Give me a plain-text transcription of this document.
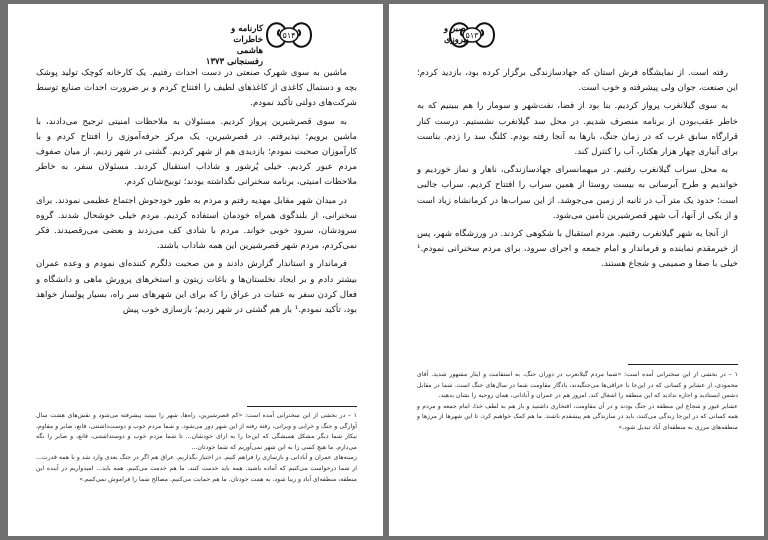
کارنامه و خاطرات
هاشمی رفسنجانی ۱۳۷۳
۵۱۴

ماشین به سوی شهرک صنعتی در دست احداث رفتیم. یک کارخانه کوچک تولید پوشک بچه و دستمال کاغذی از کاغذهای لطیف را افتتاح کردم و بر ضرورت احداث صنایع توسط شرکت‌های دولتی تأکید نمودم.

به سوی قصرشیرین پرواز کردیم. مسئولان به ملاحظات امنیتی ترجیح می‌دادند، با ماشین برویم؛ نپذیرفتم. در قصرشیرین، یک مرکز حرفه‌آموزی را افتتاح کردم و با کارآموزان صحبت نمودم؛ بازدیدی هم از شهر کردیم. گشتی در شهر زدیم. از میان صفوف مردم عبور کردیم. خیلی پُرشور و شاداب استقبال کردند. مسئولان سفر، به خاطر ملاحظات امنیتی، برنامه سخنرانی نگذاشته بودند؛ توبیخ‌شان کردم.

در میدان شهر مقابل مهدیه رفتم و مردم به طور خودجوش اجتماع عظیمی نمودند. برای سخنرانی، از بلندگوی همراه خودمان استفاده کردیم. مردم خیلی خوشحال شدند. گروه سرودشان، سرود خوبی خواند. مردم با شادی کف می‌زدند و بعضی می‌رقصیدند. فکر نمی‌کردم، مردم شهر قصرشیرین این همه شاداب باشند.

فرماندار و استاندار گزارش دادند و من صحبت دلگرم کننده‌ای نمودم و وعده عمران بیشتر دادم و بر ایجاد نخلستان‌ها و باغات زیتون و استخرهای پرورش ماهی و دانشگاه و فعال کردن سفر به عتبات در عراق را که برای این شهرهای سر راه، بسیار پولساز خواهد بود، تأکید نمودم.¹ باز هم گشتی در شهر زدیم؛ بازسازی خوب پیش

۱ – در بخشی از این سخنرانی آمده است: «کم قصرشیرین، راه‌ها، شهر را ببینید پیشرفته می‌شود و نقش‌های هشت سال آوارگی و جنگ و خرابی و ویرانی، رفته رفته از این شهر دور می‌شود. و شما مردم خوب و دوست‌داشتنی، قانع، صابر و مقاوم، بیکار شما دیگر مشکل همیشگی که این‌جا را به ازای خودشان... تا شما مردم خوب و دوستداشتنی، قانع، و صابر را نگه می‌دارم. ما هیچ کسی را به این شهر نمی‌آوریم که شما خودتان...

زمینه‌های عمران و آبادانی و بازسازی را فراهم کنیم. در اختیار بگذاریم. عراق هم اگر در جنگ بعدی وارد شد و با همه قدرت... از شما درخواست می‌کنیم که آماده باشید. همه باید خدمت کنند. ما هم خدمت می‌کنیم. همه باید... امیدواریم در آینده این منطقه، منطقه‌ای آباد و زیبا شود، به همت خودتان. ما هم حمایت می‌کنیم. مصالح شما را فراموش نمی‌کنیم.»

۵۱۳
صبر و
پیروزی

رفته است. از نمایشگاه فرش استان که جهادسازندگی برگزار کرده بود، بازدید کردم؛ این صنعت، جوان ولی پیشرفته و خوب است.

به سوی گیلانغرب پرواز کردیم. بنا بود از فضا، نفت‌شهر و سومار را هم ببینیم که به خاطر عقب‌بودن از برنامه منصرف شدیم. در محل سد گیلانغرب نشستیم. درست کنار قرارگاه سابق غرب که در زمان جنگ، بارها به آنجا رفته بودم. کلنگ سد را زدم. بناست برای آبیاری چهار هزار هکتار، آب را کنترل کند.

به محل سراب گیلانغرب رفتیم. در میهمانسرای جهادسازندگی، ناهار و نماز خوردیم و خواندیم و طرح آبرسانی به بیست روستا از همین سراب را افتتاح کردیم. سراب جالبی است؛ حدود یک متر آب در ثانیه از زمین می‌جوشد. از این سراب‌ها در کرمانشاه زیاد است و از یکی از آنها، آب شهر قصرشیرین تأمین می‌شود.

از آنجا به شهر گیلانغرب رفتیم. مردم استقبال با شکوهی کردند. در ورزشگاه شهر، پس از خیرمقدم نماینده و فرماندار و امام جمعه و اجرای سرود، برای مردم سخنرانی نمودم.¹ خیلی با صفا و صمیمی و شجاع هستند.

۱ – در بخشی از این سخنرانی آمده است: «شما مردم گیلانغرب در دوران جنگ، به استقامت و ایثار مشهور شدید. آقای محمودی، از عشایر و کسانی که در این‌جا با عراقی‌ها می‌جنگیدند، یادگار مقاومت شما در سال‌های جنگ است. شما در مقابل دشمن ایستادید و اجازه ندادید که این منطقه را اشغال کند. امروز هم در عمران و آبادانی، همان روحیه را نشان بدهید.

عشایر غیور و شجاع این منطقه در جنگ بودند و در آن مقاومت، افتخاری داشتید و باز هم به لطف خدا، امام جمعه و مردم و همه کسانی که در این‌جا زندگی می‌کنند، باید در سازندگی هم پیشقدم باشند. ما هم کمک خواهیم کرد، تا این شهرها از مرزها و منطقه‌های مرزی به منطقه‌ای آباد تبدیل شود.»
